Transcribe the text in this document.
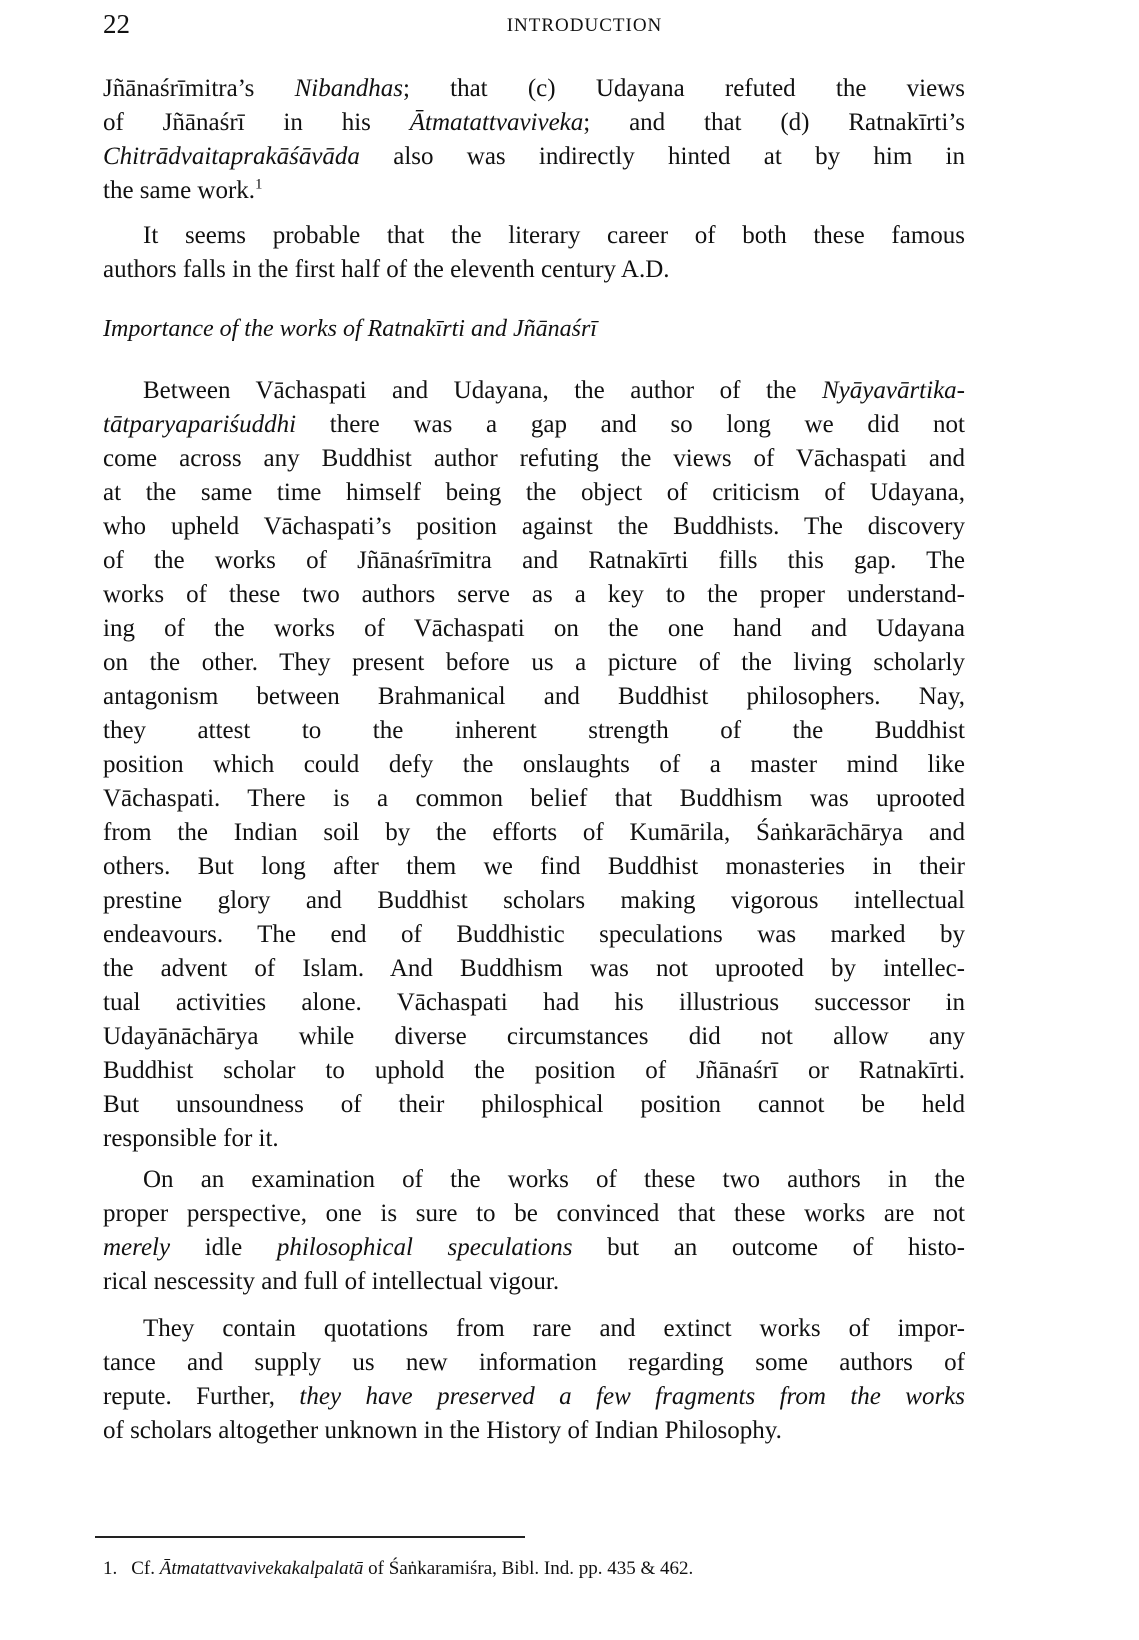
22	INTRODUCTION
Jñānaśrīmitra’s Nibandhas; that (c) Udayana refuted the views
of Jñānaśrī in his Ātmatattvaviveka; and that (d) Ratnakīrti’s
Chitrādvaitaprakāśāvāda also was indirectly hinted at by him in
the same work.$^1$
It seems probable that the literary career of both these famous
authors falls in the first half of the eleventh century A.D.
Importance of the works of Ratnakīrti and Jñānaśrī
Between Vāchaspati and Udayana, the author of the Nyāyavārtika-
tātparyapariśuddhi there was a gap and so long we did not
come across any Buddhist author refuting the views of Vāchaspati and
at the same time himself being the object of criticism of Udayana,
who upheld Vāchaspati’s position against the Buddhists. The discovery
of the works of Jñānaśrīmitra and Ratnakīrti fills this gap. The
works of these two authors serve as a key to the proper understand-
ing of the works of Vāchaspati on the one hand and Udayana
on the other. They present before us a picture of the living scholarly
antagonism between Brahmanical and Buddhist philosophers. Nay,
they attest to the inherent strength of the Buddhist
position which could defy the onslaughts of a master mind like
Vāchaspati. There is a common belief that Buddhism was uprooted
from the Indian soil by the efforts of Kumārila, Śaṅkarāchārya and
others. But long after them we find Buddhist monasteries in their
prestine glory and Buddhist scholars making vigorous intellectual
endeavours. The end of Buddhistic speculations was marked by
the advent of Islam. And Buddhism was not uprooted by intellec-
tual activities alone. Vāchaspati had his illustrious successor in
Udayānāchārya while diverse circumstances did not allow any
Buddhist scholar to uphold the position of Jñānaśrī or Ratnakīrti.
But unsoundness of their philosphical position cannot be held
responsible for it.
On an examination of the works of these two authors in the
proper perspective, one is sure to be convinced that these works are not
merely idle philosophical speculations but an outcome of histo-
rical nescessity and full of intellectual vigour.
They contain quotations from rare and extinct works of impor-
tance and supply us new information regarding some authors of
repute. Further, they have preserved a few fragments from the works
of scholars altogether unknown in the History of Indian Philosophy.
1. Cf. Ātmatattvavivekakalpalatā of Śaṅkaramiśra, Bibl. Ind. pp. 435 & 462.
